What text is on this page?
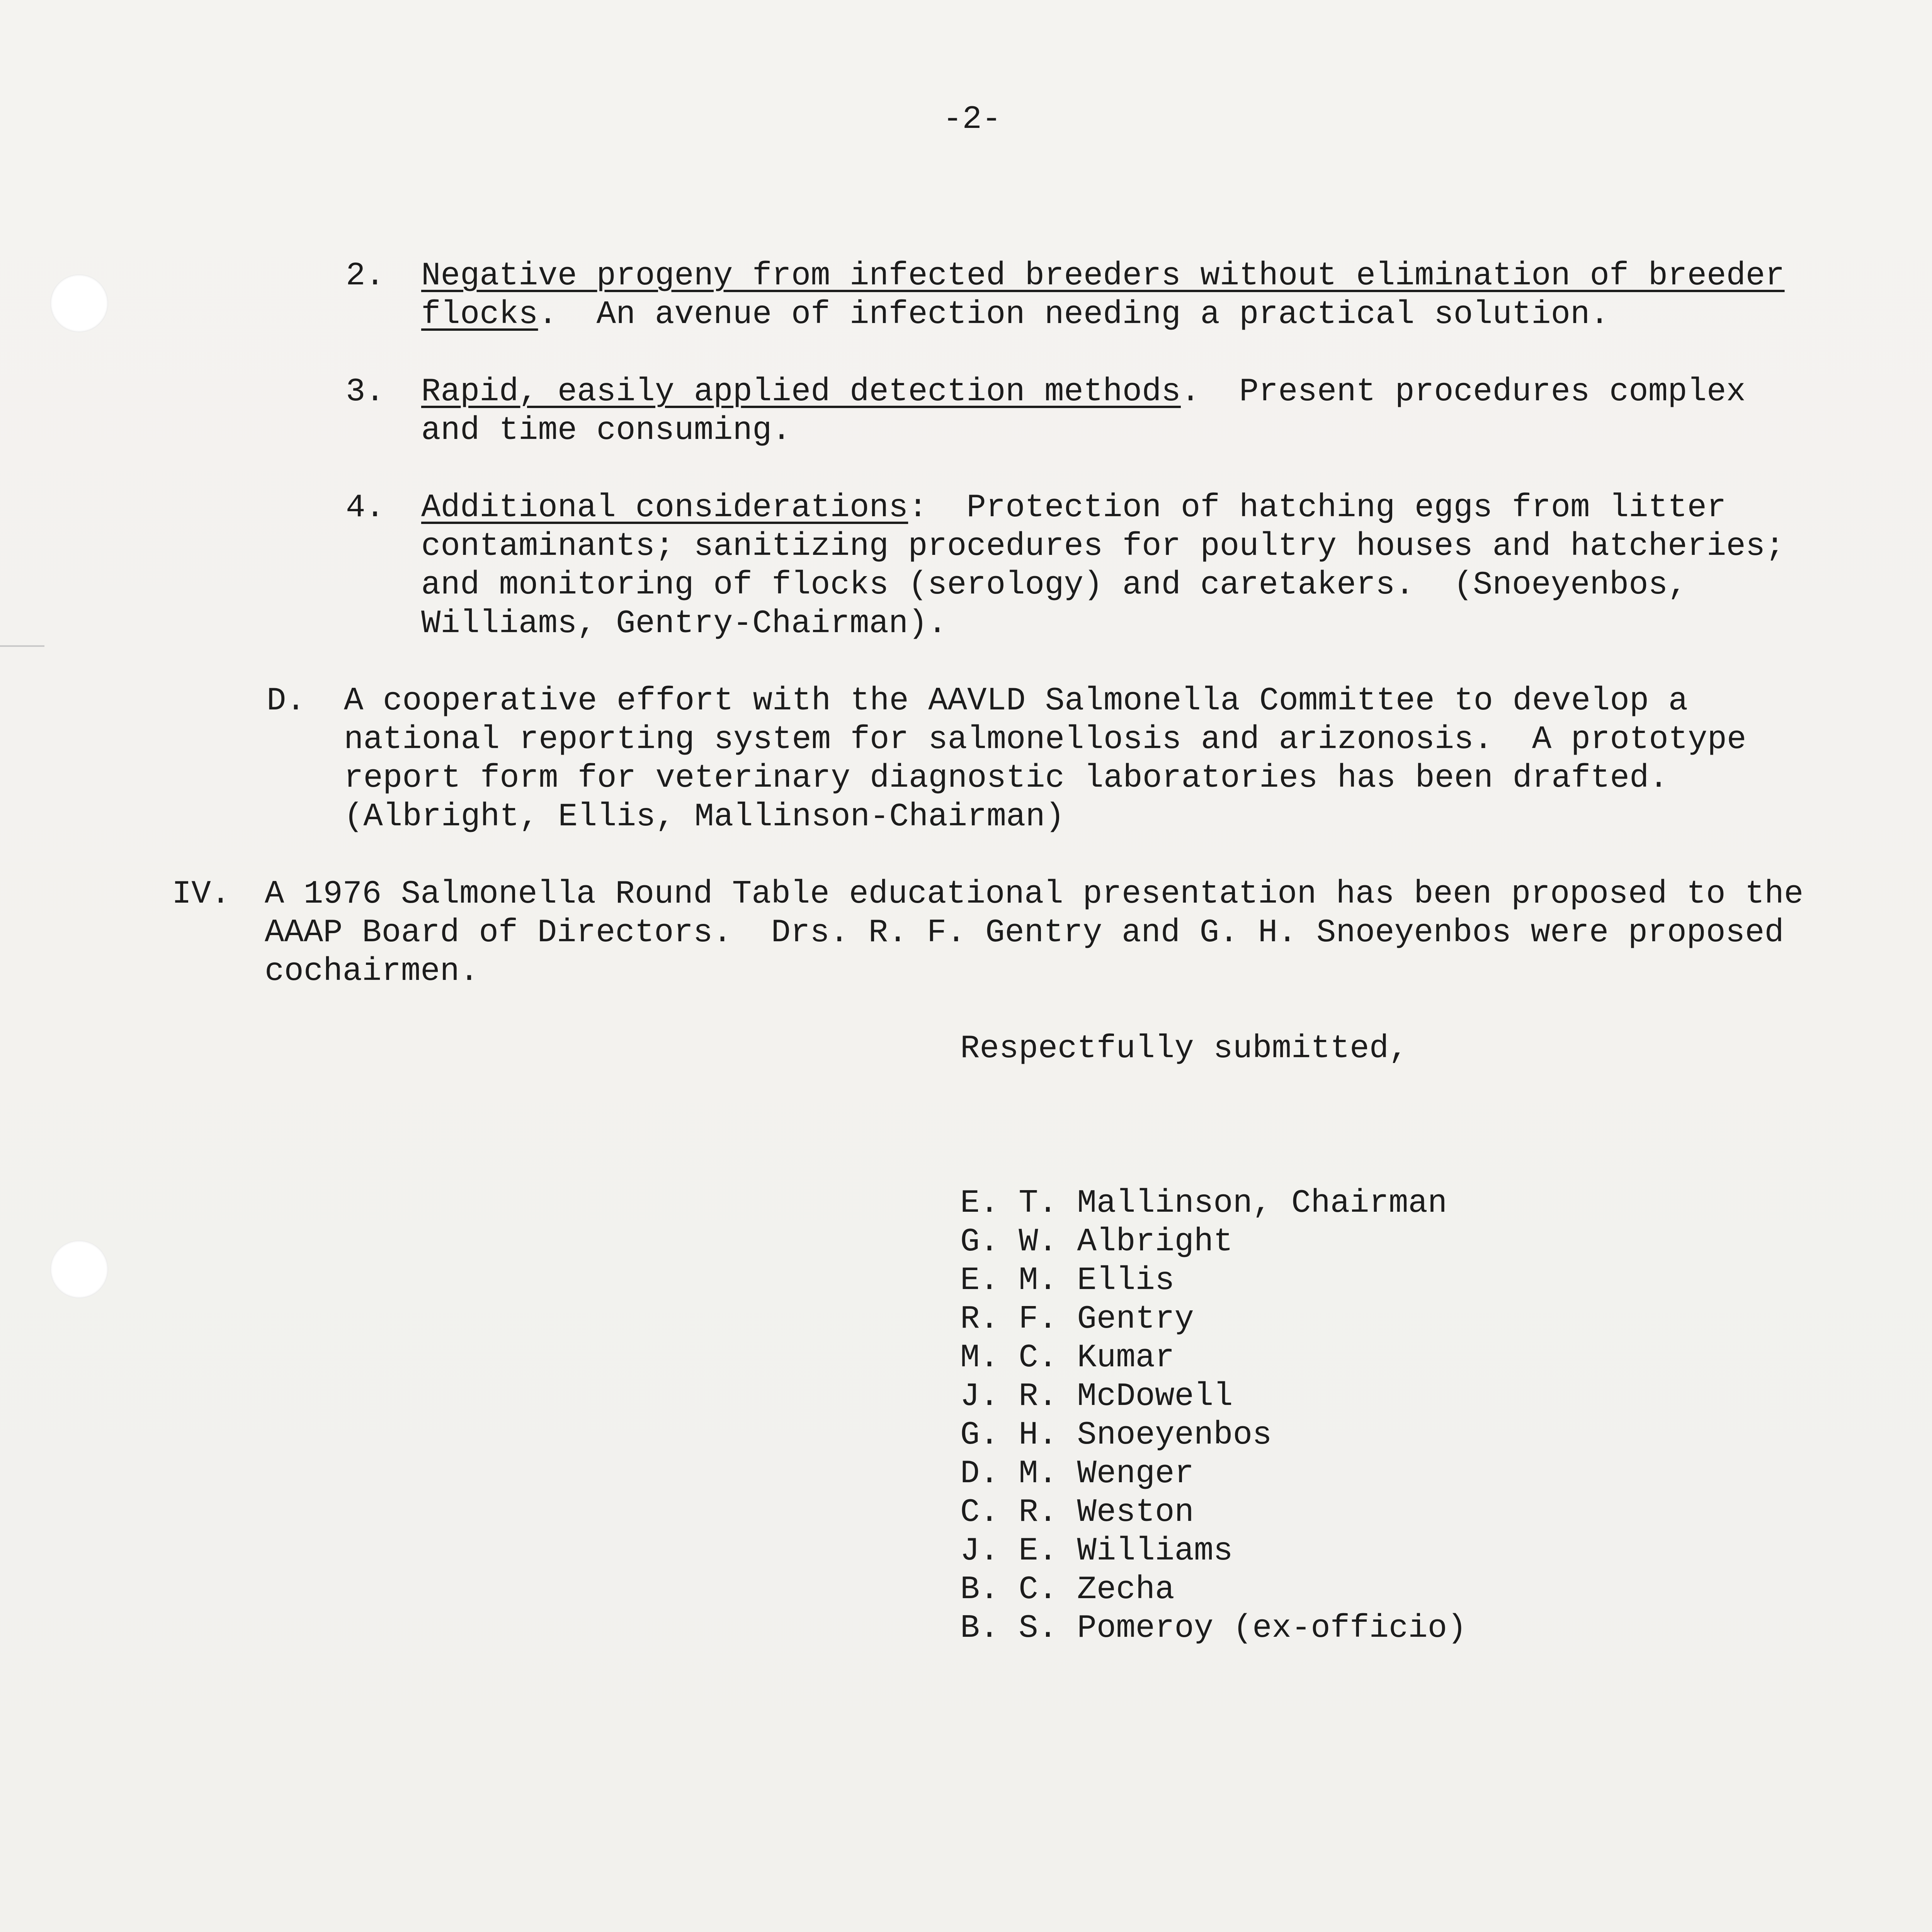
-2-
2. Negative progeny from infected breeders without elimination of breeder
flocks.  An avenue of infection needing a practical solution.
3. Rapid, easily applied detection methods.  Present procedures complex
and time consuming.
4. Additional considerations:  Protection of hatching eggs from litter
contaminants; sanitizing procedures for poultry houses and hatcheries;
and monitoring of flocks (serology) and caretakers.  (Snoeyenbos,
Williams, Gentry-Chairman).
D. A cooperative effort with the AAVLD Salmonella Committee to develop a
national reporting system for salmonellosis and arizonosis.  A prototype
report form for veterinary diagnostic laboratories has been drafted.
(Albright, Ellis, Mallinson-Chairman)
IV. A 1976 Salmonella Round Table educational presentation has been proposed to the
AAAP Board of Directors.  Drs. R. F. Gentry and G. H. Snoeyenbos were proposed
cochairmen.
Respectfully submitted,
E. T. Mallinson, Chairman
G. W. Albright
E. M. Ellis
R. F. Gentry
M. C. Kumar
J. R. McDowell
G. H. Snoeyenbos
D. M. Wenger
C. R. Weston
J. E. Williams
B. C. Zecha
B. S. Pomeroy (ex-officio)
